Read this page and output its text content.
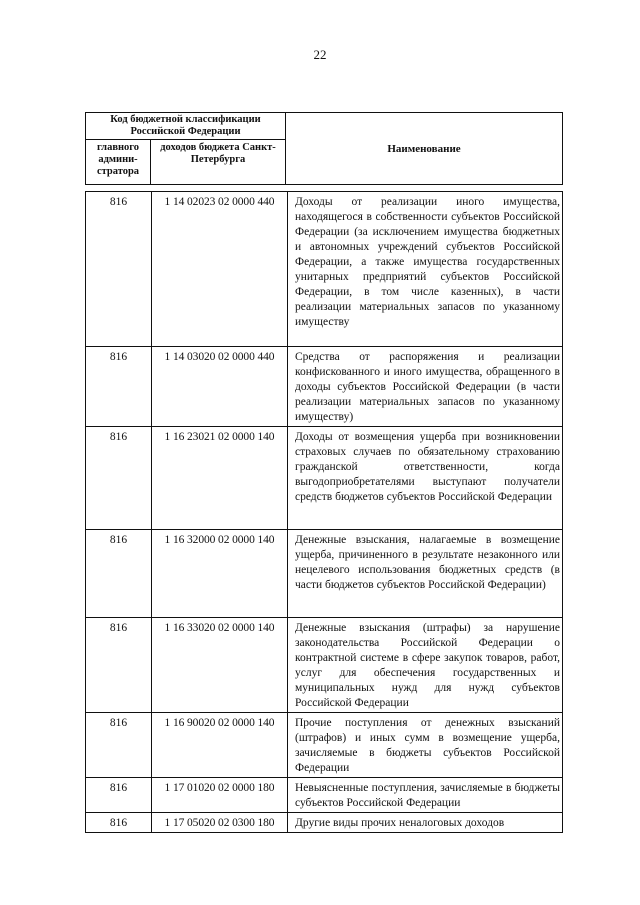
22
Код бюджетной классификации Российской Федерации		Наименование
главного админи-стратора	доходов бюджета Санкт-Петербурга	
816	1 14 02023 02 0000 440	Доходы от реализации иного имущества, находящегося в собственности субъектов Российской Федерации (за исключением имущества бюджетных и автономных учреждений субъектов Российской Федерации, а также имущества государственных унитарных предприятий субъектов Российской Федерации, в том числе казенных), в части реализации материальных запасов по указанному имуществу

816	1 14 03020 02 0000 440	Средства от распоряжения и реализации конфискованного и иного имущества, обращенного в доходы субъектов Российской Федерации (в части реализации материальных запасов по указанному имуществу)

816	1 16 23021 02 0000 140	Доходы от возмещения ущерба при возникновении страховых случаев по обязательному страхованию гражданской ответственности, когда выгодоприобретателями выступают получатели средств бюджетов субъектов Российской Федерации

816	1 16 32000 02 0000 140	Денежные взыскания, налагаемые в возмещение ущерба, причиненного в результате незаконного или нецелевого использования бюджетных средств (в части бюджетов субъектов Российской Федерации)

816	1 16 33020 02 0000 140	Денежные взыскания (штрафы) за нарушение законодательства Российской Федерации о контрактной системе в сфере закупок товаров, работ, услуг для обеспечения государственных и муниципальных нужд для нужд субъектов Российской Федерации

816	1 16 90020 02 0000 140	Прочие поступления от денежных взысканий (штрафов) и иных сумм в возмещение ущерба, зачисляемые в бюджеты субъектов Российской Федерации

816	1 17 01020 02 0000 180	Невыясненные поступления, зачисляемые в бюджеты субъектов Российской Федерации

816	1 17 05020 02 0300 180	Другие виды прочих неналоговых доходов
